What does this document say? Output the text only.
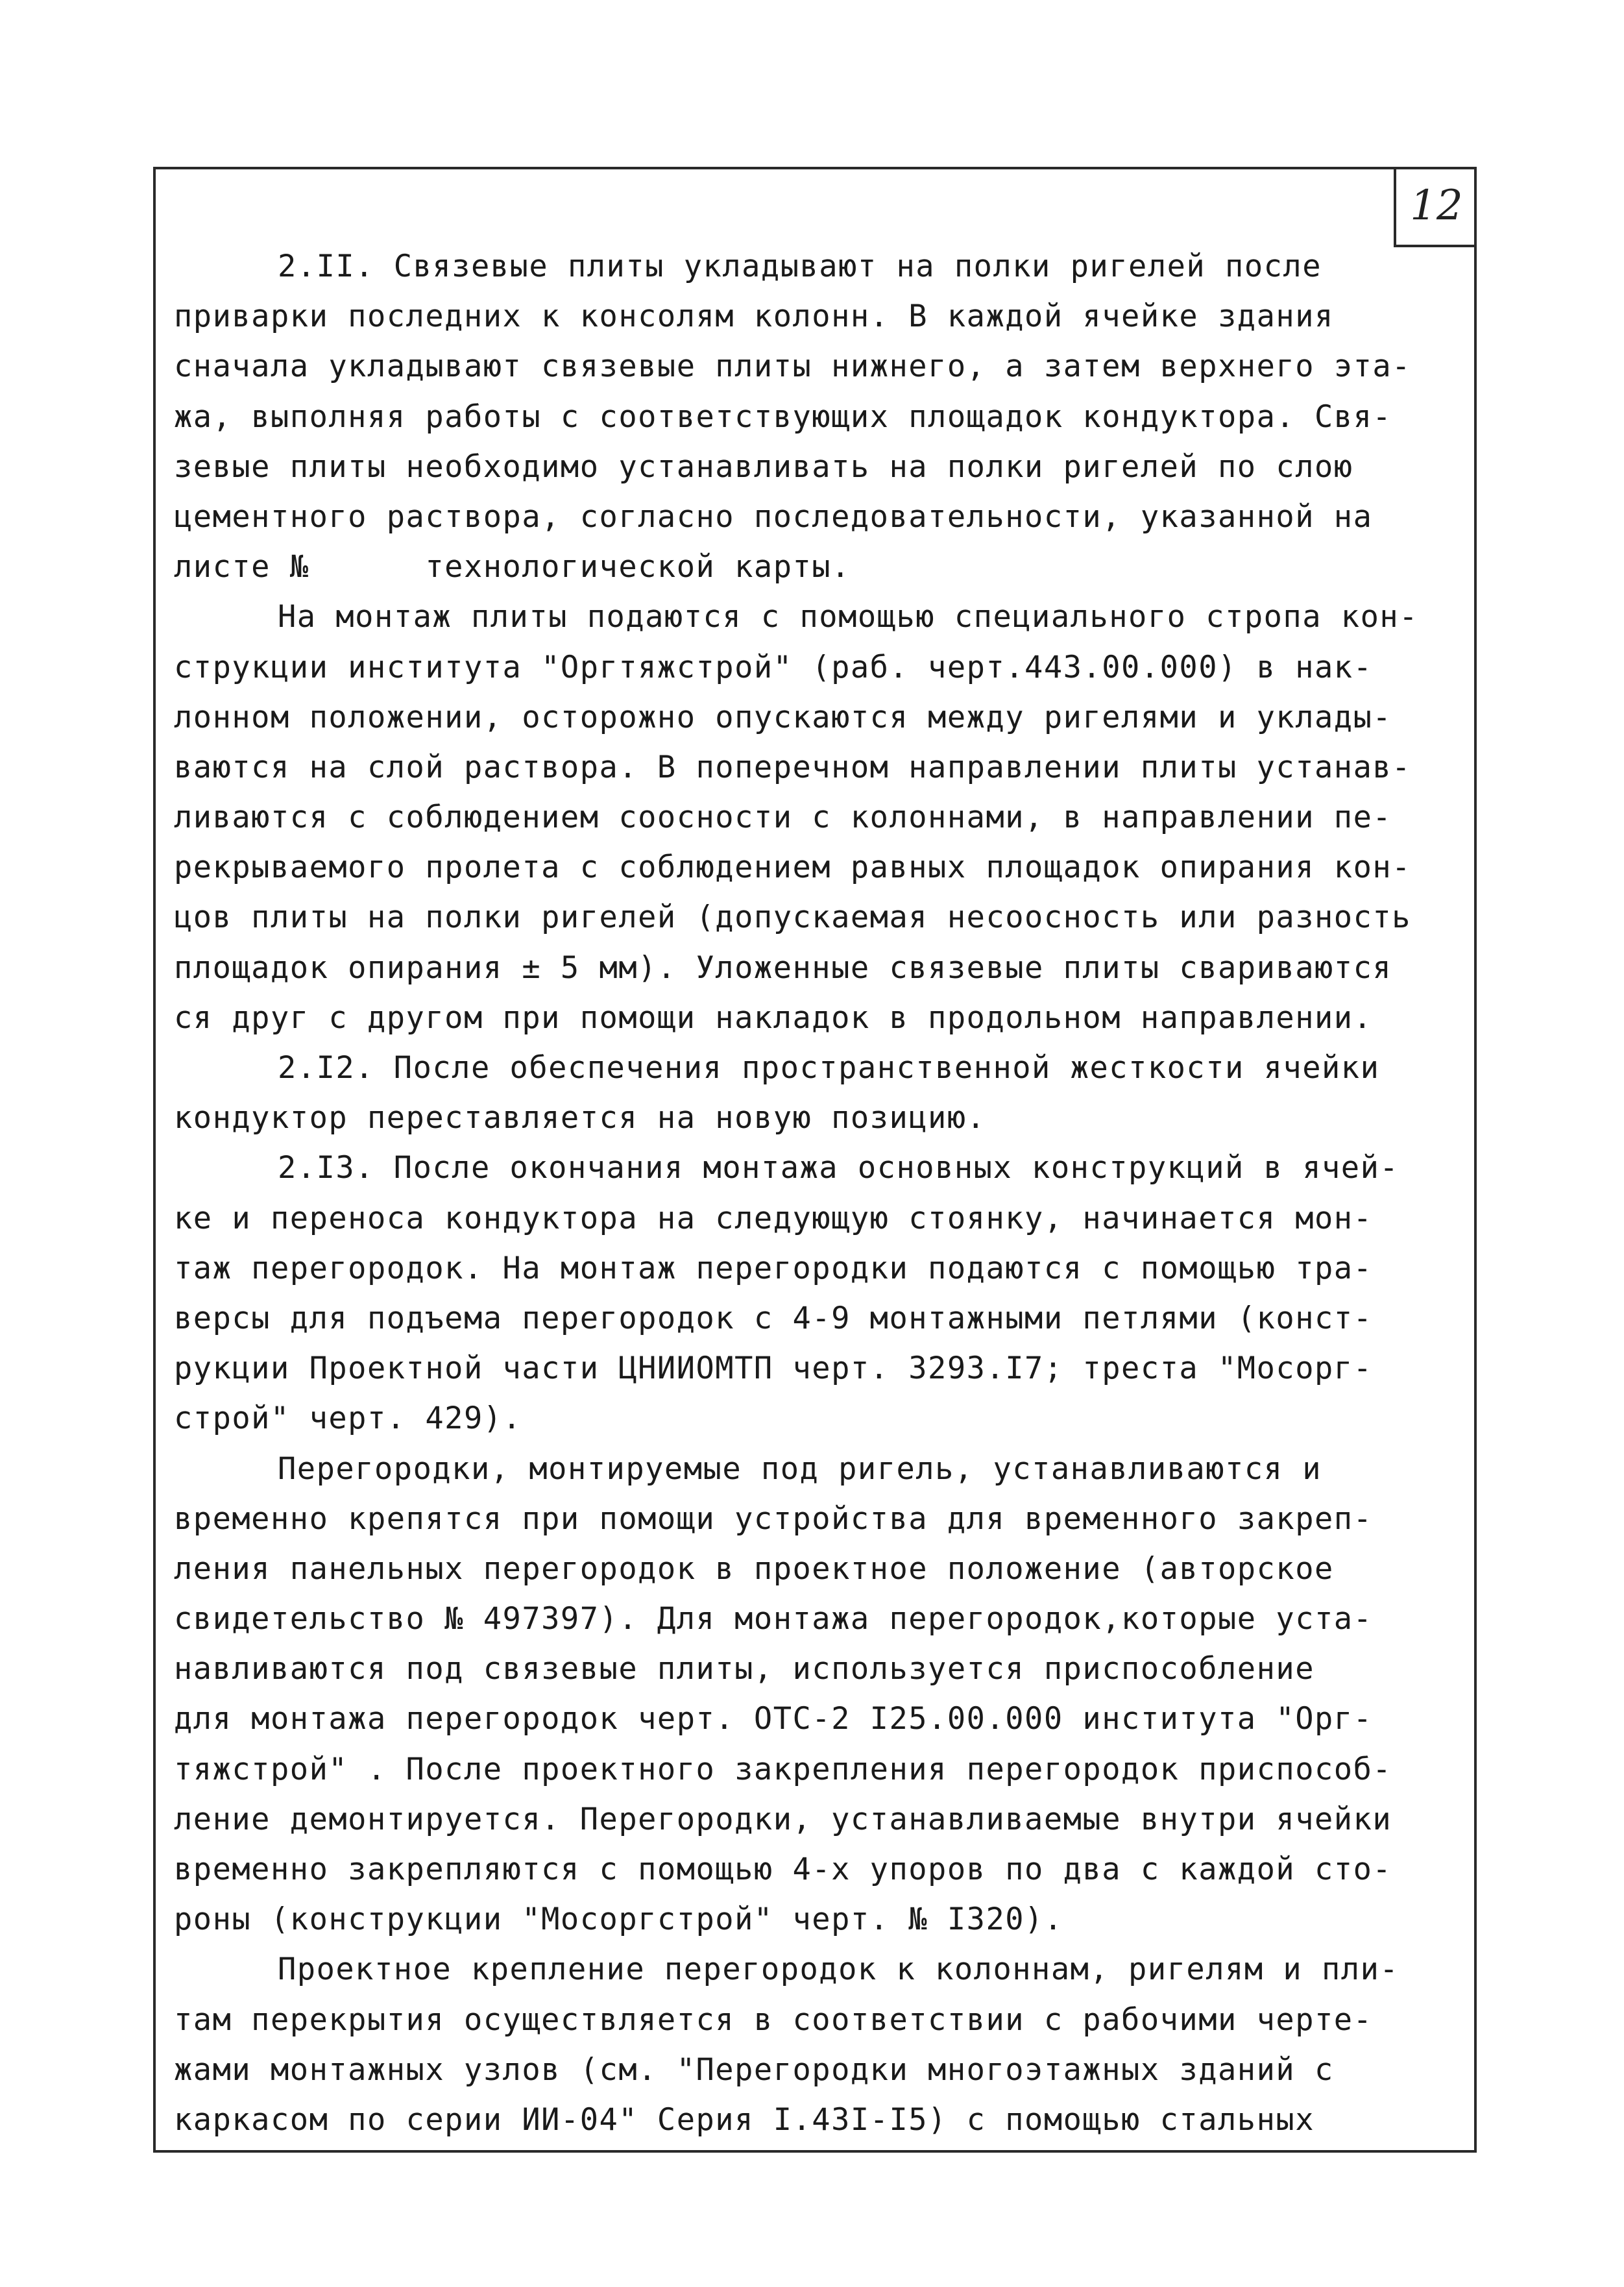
12
2.II. Связевые плиты укладывают на полки ригелей после
приварки последних к консолям колонн. В каждой ячейке здания
сначала укладывают связевые плиты нижнего, а затем верхнего эта-
жа, выполняя работы с соответствующих площадок кондуктора. Свя-
зевые плиты необходимо устанавливать на полки ригелей по слою
цементного раствора, согласно последовательности, указанной на
листе №      технологической карты.
На монтаж плиты подаются с помощью специального стропа кон-
струкции института "Оргтяжстрой" (раб. черт.443.00.000) в нак-
лонном положении, осторожно опускаются между ригелями и уклады-
ваются на слой раствора. В поперечном направлении плиты устанав-
ливаются с соблюдением соосности с колоннами, в направлении пе-
рекрываемого пролета с соблюдением равных площадок опирания кон-
цов плиты на полки ригелей (допускаемая несоосность или разность
площадок опирания ± 5 мм). Уложенные связевые плиты свариваются
ся друг с другом при помощи накладок в продольном направлении.
2.I2. После обеспечения пространственной жесткости ячейки
кондуктор переставляется на новую позицию.
2.I3. После окончания монтажа основных конструкций в ячей-
ке и переноса кондуктора на следующую стоянку, начинается мон-
таж перегородок. На монтаж перегородки подаются с помощью тра-
версы для подъема перегородок с 4-9 монтажными петлями (конст-
рукции Проектной части ЦНИИОМТП черт. 3293.I7; треста "Мосорг-
строй" черт. 429).
Перегородки, монтируемые под ригель, устанавливаются и
временно крепятся при помощи устройства для временного закреп-
ления панельных перегородок в проектное положение (авторское
свидетельство № 497397). Для монтажа перегородок,которые уста-
навливаются под связевые плиты, используется приспособление
для монтажа перегородок черт. ОТС-2 I25.00.000 института "Орг-
тяжстрой" . После проектного закрепления перегородок приспособ-
ление демонтируется. Перегородки, устанавливаемые внутри ячейки
временно закрепляются с помощью 4-х упоров по два с каждой сто-
роны (конструкции "Мосоргстрой" черт. № I320).
Проектное крепление перегородок к колоннам, ригелям и пли-
там перекрытия осуществляется в соответствии с рабочими черте-
жами монтажных узлов (см. "Перегородки многоэтажных зданий с
каркасом по серии ИИ-04" Серия I.43I-I5) с помощью стальных
